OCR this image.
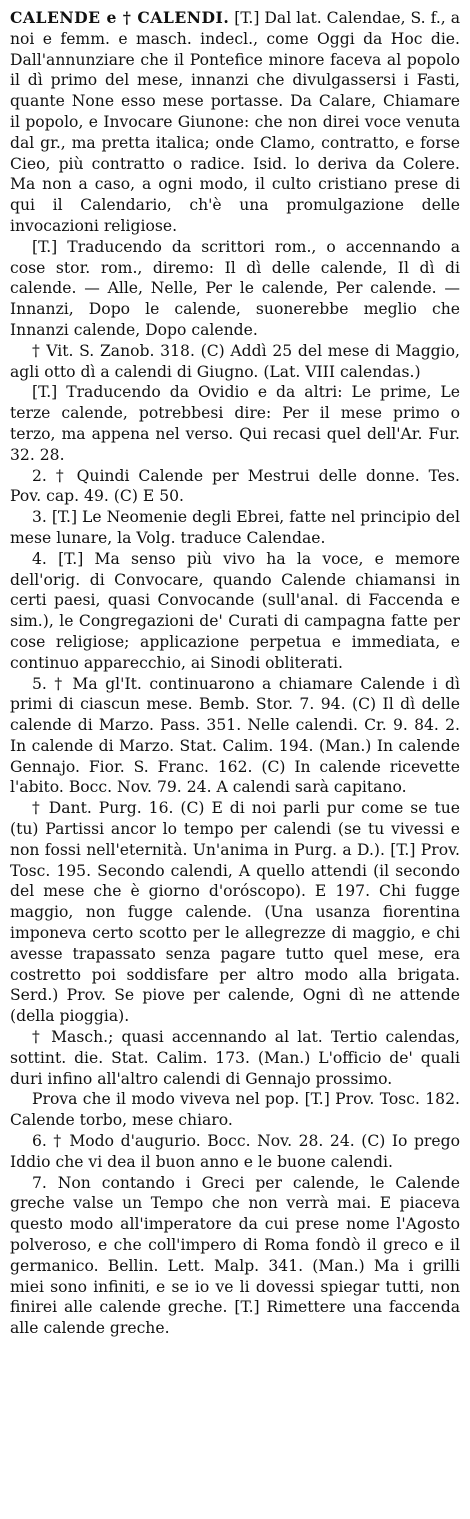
CALENDE e † CALENDI. [T.] Dal lat. Calendae, S. f., a noi e femm. e masch. indecl., come Oggi da Hoc die. Dall'annunziare che il Pontefice minore faceva al popolo il dì primo del mese, innanzi che divulgassersi i Fasti, quante None esso mese portasse. Da Calare, Chiamare il popolo, e Invocare Giunone: che non direi voce venuta dal gr., ma pretta italica; onde Clamo, contratto, e forse Cieo, più contratto o radice. Isid. lo deriva da Colere. Ma non a caso, a ogni modo, il culto cristiano prese di qui il Calendario, ch'è una promulgazione delle invocazioni religiose.

[T.] Traducendo da scrittori rom., o accennando a cose stor. rom., diremo: Il dì delle calende, Il dì di calende. — Alle, Nelle, Per le calende, Per calende. — Innanzi, Dopo le calende, suonerebbe meglio che Innanzi calende, Dopo calende.

† Vit. S. Zanob. 318. (C) Addì 25 del mese di Maggio, agli otto dì a calendi di Giugno. (Lat. VIII calendas.)

[T.] Traducendo da Ovidio e da altri: Le prime, Le terze calende, potrebbesi dire: Per il mese primo o terzo, ma appena nel verso. Qui recasi quel dell'Ar. Fur. 32. 28.

2. † Quindi Calende per Mestrui delle donne. Tes. Pov. cap. 49. (C) E 50.

3. [T.] Le Neomenie degli Ebrei, fatte nel principio del mese lunare, la Volg. traduce Calendae.

4. [T.] Ma senso più vivo ha la voce, e memore dell'orig. di Convocare, quando Calende chiamansi in certi paesi, quasi Convocande (sull'anal. di Faccenda e sim.), le Congregazioni de' Curati di campagna fatte per cose religiose; applicazione perpetua e immediata, e continuo apparecchio, ai Sinodi obliterati.

5. † Ma gl'It. continuarono a chiamare Calende i dì primi di ciascun mese. Bemb. Stor. 7. 94. (C) Il dì delle calende di Marzo. Pass. 351. Nelle calendi. Cr. 9. 84. 2. In calende di Marzo. Stat. Calim. 194. (Man.) In calende Gennajo. Fior. S. Franc. 162. (C) In calende ricevette l'abito. Bocc. Nov. 79. 24. A calendi sarà capitano.

† Dant. Purg. 16. (C) E di noi parli pur come se tue (tu) Partissi ancor lo tempo per calendi (se tu vivessi e non fossi nell'eternità. Un'anima in Purg. a D.). [T.] Prov. Tosc. 195. Secondo calendi, A quello attendi (il secondo del mese che è giorno d'oróscopo). E 197. Chi fugge maggio, non fugge calende. (Una usanza fiorentina imponeva certo scotto per le allegrezze di maggio, e chi avesse trapassato senza pagare tutto quel mese, era costretto poi soddisfare per altro modo alla brigata. Serd.) Prov. Se piove per calende, Ogni dì ne attende (della pioggia).

† Masch.; quasi accennando al lat. Tertio calendas, sottint. die. Stat. Calim. 173. (Man.) L'officio de' quali duri infino all'altro calendi di Gennajo prossimo.

Prova che il modo viveva nel pop. [T.] Prov. Tosc. 182. Calende torbo, mese chiaro.

6. † Modo d'augurio. Bocc. Nov. 28. 24. (C) Io prego Iddio che vi dea il buon anno e le buone calendi.

7. Non contando i Greci per calende, le Calende greche valse un Tempo che non verrà mai. E piaceva questo modo all'imperatore da cui prese nome l'Agosto polveroso, e che coll'impero di Roma fondò il greco e il germanico. Bellin. Lett. Malp. 341. (Man.) Ma i grilli miei sono infiniti, e se io ve li dovessi spiegar tutti, non finirei alle calende greche. [T.] Rimettere una faccenda alle calende greche.
